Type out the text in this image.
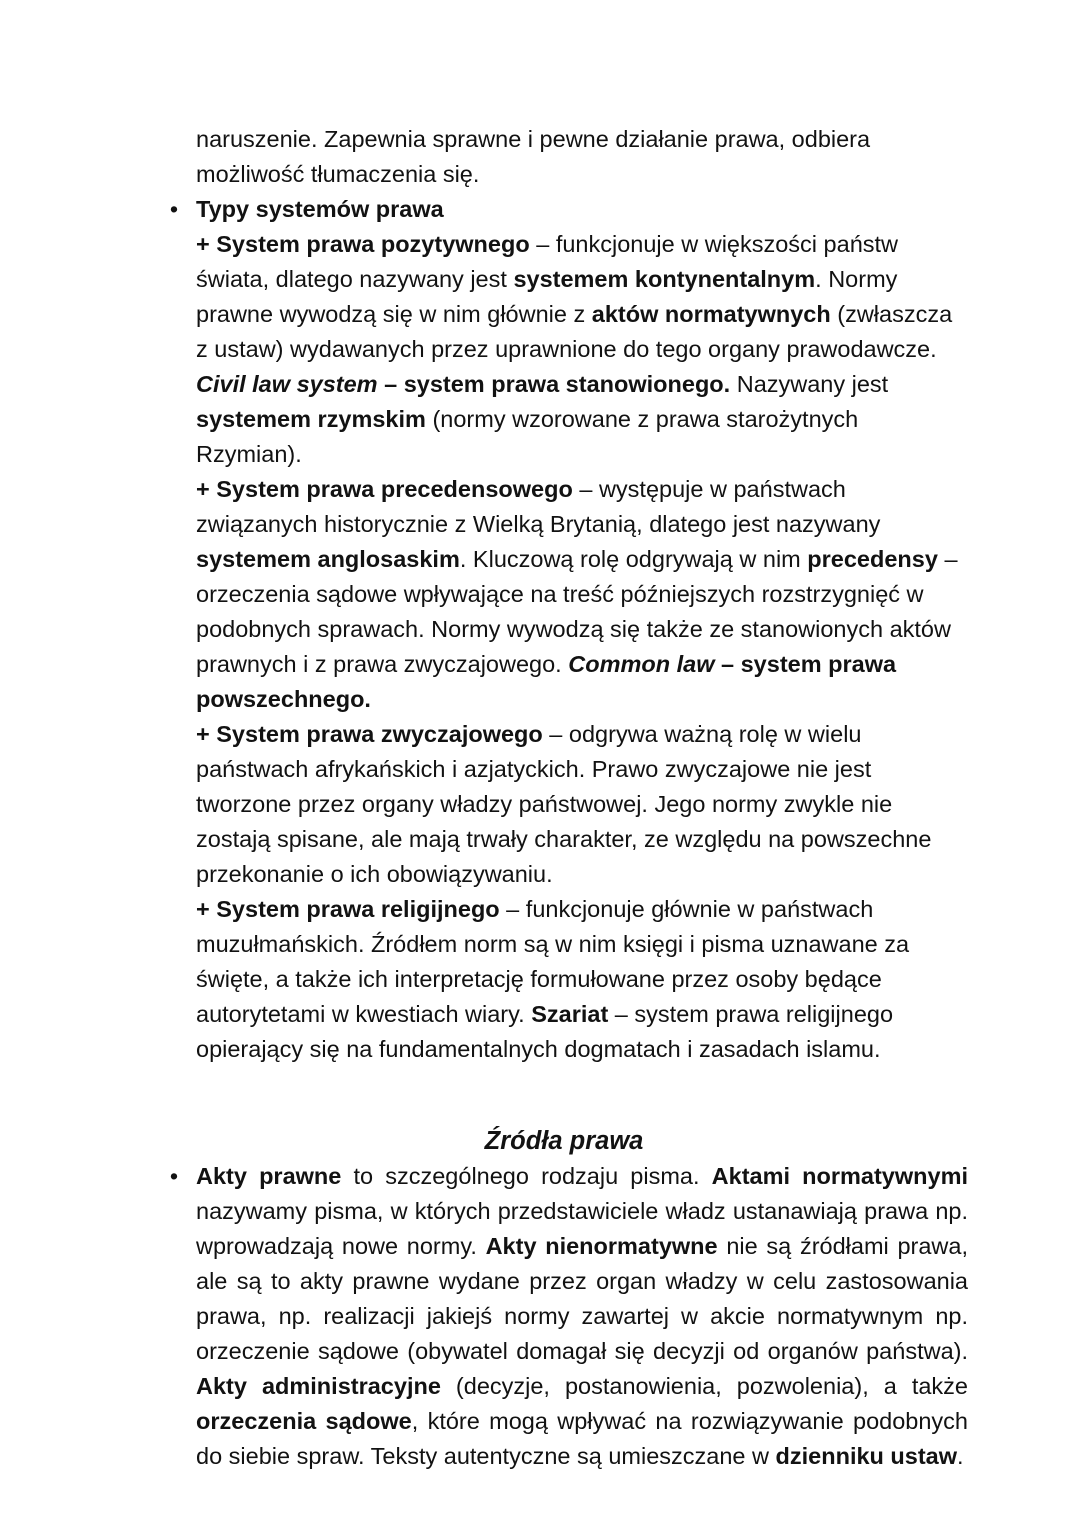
naruszenie. Zapewnia sprawne i pewne działanie prawa, odbiera możliwość tłumaczenia się.

• Typy systemów prawa
+ System prawa pozytywnego – funkcjonuje w większości państw świata, dlatego nazywany jest systemem kontynentalnym. Normy prawne wywodzą się w nim głównie z aktów normatywnych (zwłaszcza z ustaw) wydawanych przez uprawnione do tego organy prawodawcze. Civil law system – system prawa stanowionego. Nazywany jest systemem rzymskim (normy wzorowane z prawa starożytnych Rzymian).
+ System prawa precedensowego – występuje w państwach związanych historycznie z Wielką Brytanią, dlatego jest nazywany systemem anglosaskim. Kluczową rolę odgrywają w nim precedensy – orzeczenia sądowe wpływające na treść późniejszych rozstrzygnięć w podobnych sprawach. Normy wywodzą się także ze stanowionych aktów prawnych i z prawa zwyczajowego. Common law – system prawa powszechnego.
+ System prawa zwyczajowego – odgrywa ważną rolę w wielu państwach afrykańskich i azjatyckich. Prawo zwyczajowe nie jest tworzone przez organy władzy państwowej. Jego normy zwykle nie zostają spisane, ale mają trwały charakter, ze względu na powszechne przekonanie o ich obowiązywaniu.
+ System prawa religijnego – funkcjonuje głównie w państwach muzułmańskich. Źródłem norm są w nim księgi i pisma uznawane za święte, a także ich interpretację formułowane przez osoby będące autorytetami w kwestiach wiary. Szariat – system prawa religijnego opierający się na fundamentalnych dogmatach i zasadach islamu.

Źródła prawa
• Akty prawne to szczególnego rodzaju pisma. Aktami normatywnymi nazywamy pisma, w których przedstawiciele władz ustanawiają prawa np. wprowadzają nowe normy. Akty nienormatywne nie są źródłami prawa, ale są to akty prawne wydane przez organ władzy w celu zastosowania prawa, np. realizacji jakiejś normy zawartej w akcie normatywnym np. orzeczenie sądowe (obywatel domagał się decyzji od organów państwa). Akty administracyjne (decyzje, postanowienia, pozwolenia), a także orzeczenia sądowe, które mogą wpływać na rozwiązywanie podobnych do siebie spraw. Teksty autentyczne są umieszczane w dzienniku ustaw.
